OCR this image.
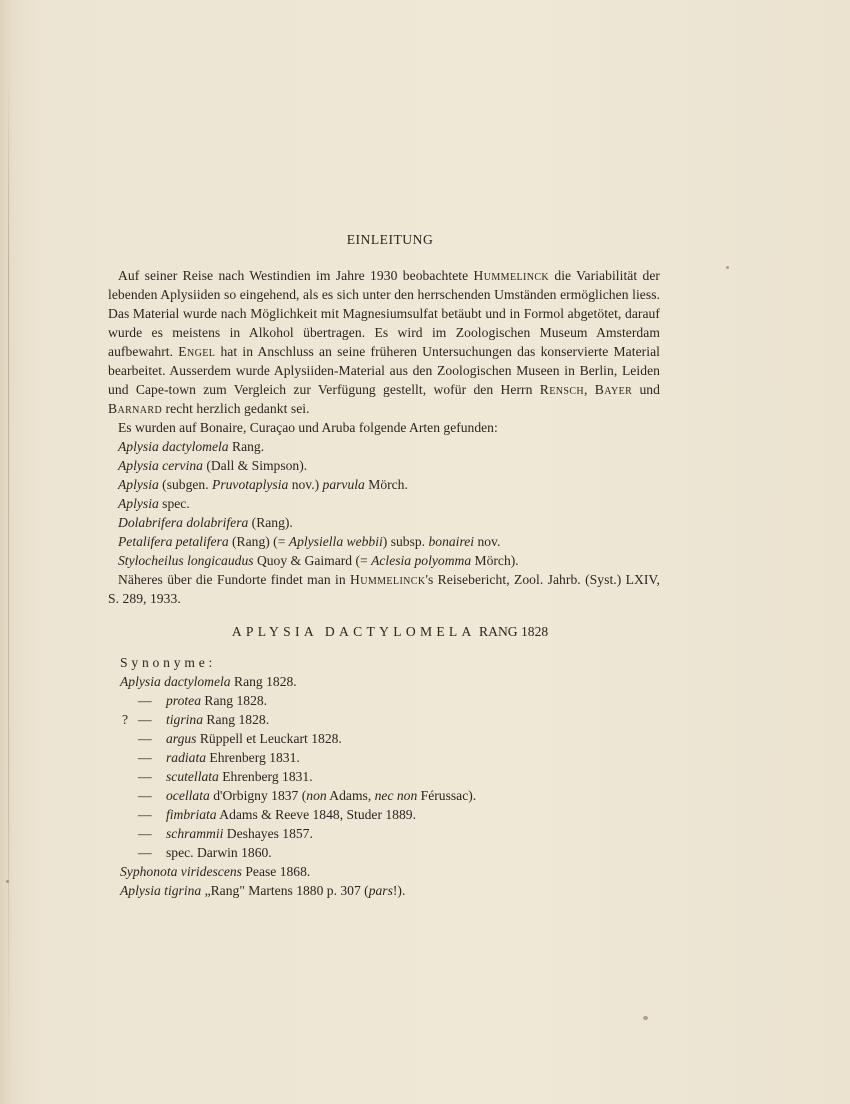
EINLEITUNG

Auf seiner Reise nach Westindien im Jahre 1930 beobachtete Hummelinck die Variabilität der lebenden Aplysiiden so eingehend, als es sich unter den herrschenden Umständen ermöglichen liess. Das Material wurde nach Möglichkeit mit Magnesiumsulfat betäubt und in Formol abgetötet, darauf wurde es meistens in Alkohol übertragen. Es wird im Zoologischen Museum Amsterdam aufbewahrt. Engel hat in Anschluss an seine früheren Untersuchungen das konservierte Material bearbeitet. Ausserdem wurde Aplysiiden-Material aus den Zoologischen Museen in Berlin, Leiden und Cape-town zum Vergleich zur Verfügung gestellt, wofür den Herrn Rensch, Bayer und Barnard recht herzlich gedankt sei.

Es wurden auf Bonaire, Curaçao und Aruba folgende Arten gefunden:

Aplysia dactylomela Rang.

Aplysia cervina (Dall & Simpson).

Aplysia (subgen. Pruvotaplysia nov.) parvula Mörch.

Aplysia spec.

Dolabrifera dolabrifera (Rang).

Petalifera petalifera (Rang) (= Aplysiella webbii) subsp. bonairei nov.

Stylocheilus longicaudus Quoy & Gaimard (= Aclesia polyomma Mörch).

Näheres über die Fundorte findet man in Hummelinck's Reisebericht, Zool. Jahrb. (Syst.) LXIV, S. 289, 1933.

APLYSIA DACTYLOMELA RANG 1828

Synonyme:

Aplysia dactylomela Rang 1828.

— protea Rang 1828.

? — tigrina Rang 1828.

— argus Rüppell et Leuckart 1828.

— radiata Ehrenberg 1831.

— scutellata Ehrenberg 1831.

— ocellata d'Orbigny 1837 (non Adams, nec non Férussac).

— fimbriata Adams & Reeve 1848, Studer 1889.

— schrammii Deshayes 1857.

— spec. Darwin 1860.

Syphonota viridescens Pease 1868.

Aplysia tigrina „Rang" Martens 1880 p. 307 (pars!).
